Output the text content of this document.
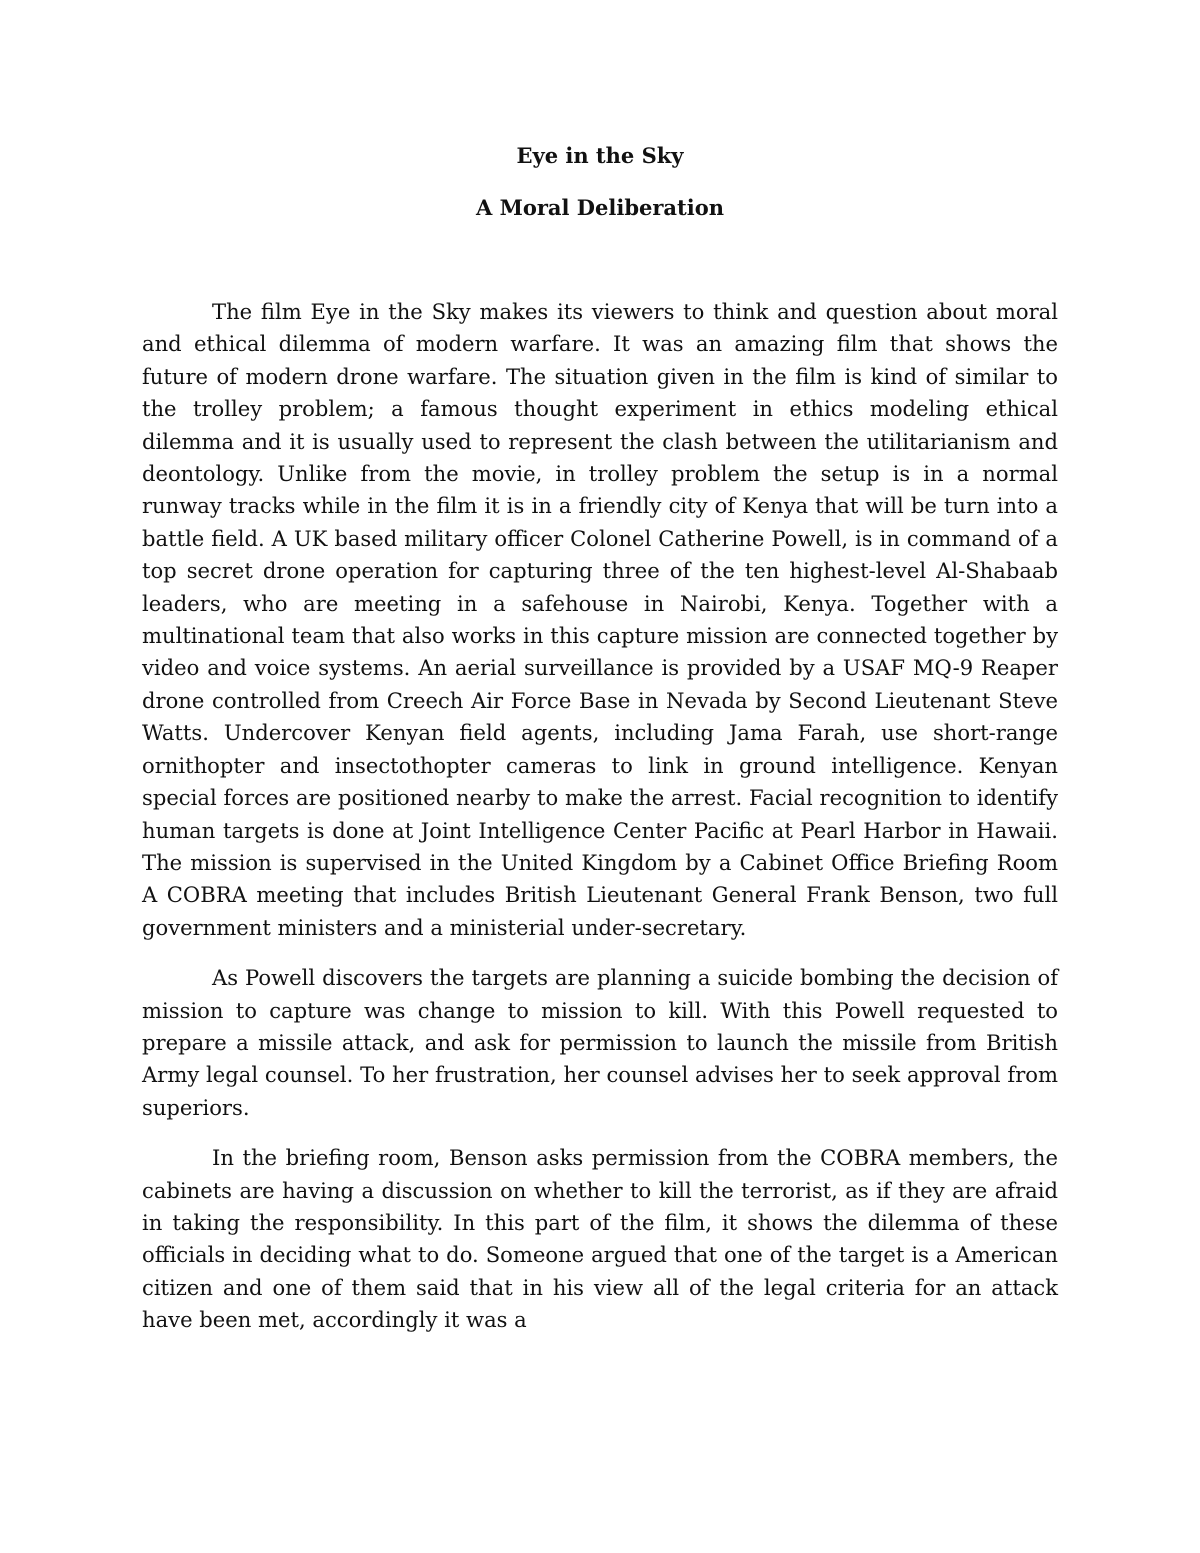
Eye in the Sky
A Moral Deliberation

The film Eye in the Sky makes its viewers to think and question about moral and ethical dilemma of modern warfare. It was an amazing film that shows the future of modern drone warfare. The situation given in the film is kind of similar to the trolley problem; a famous thought experiment in ethics modeling ethical dilemma and it is usually used to represent the clash between the utilitarianism and deontology. Unlike from the movie, in trolley problem the setup is in a normal runway tracks while in the film it is in a friendly city of Kenya that will be turn into a battle field. A UK based military officer Colonel Catherine Powell, is in command of a top secret drone operation for capturing three of the ten highest-level Al-Shabaab leaders, who are meeting in a safehouse in Nairobi, Kenya. Together with a multinational team that also works in this capture mission are connected together by video and voice systems. An aerial surveillance is provided by a USAF MQ-9 Reaper drone controlled from Creech Air Force Base in Nevada by Second Lieutenant Steve Watts. Undercover Kenyan field agents, including Jama Farah, use short-range ornithopter and insectothopter cameras to link in ground intelligence. Kenyan special forces are positioned nearby to make the arrest. Facial recognition to identify human targets is done at Joint Intelligence Center Pacific at Pearl Harbor in Hawaii. The mission is supervised in the United Kingdom by a Cabinet Office Briefing Room A COBRA meeting that includes British Lieutenant General Frank Benson, two full government ministers and a ministerial under-secretary.

As Powell discovers the targets are planning a suicide bombing the decision of mission to capture was change to mission to kill. With this Powell requested to prepare a missile attack, and ask for permission to launch the missile from British Army legal counsel. To her frustration, her counsel advises her to seek approval from superiors.

In the briefing room, Benson asks permission from the COBRA members, the cabinets are having a discussion on whether to kill the terrorist, as if they are afraid in taking the responsibility. In this part of the film, it shows the dilemma of these officials in deciding what to do. Someone argued that one of the target is a American citizen and one of them said that in his view all of the legal criteria for an attack have been met, accordingly it was a
